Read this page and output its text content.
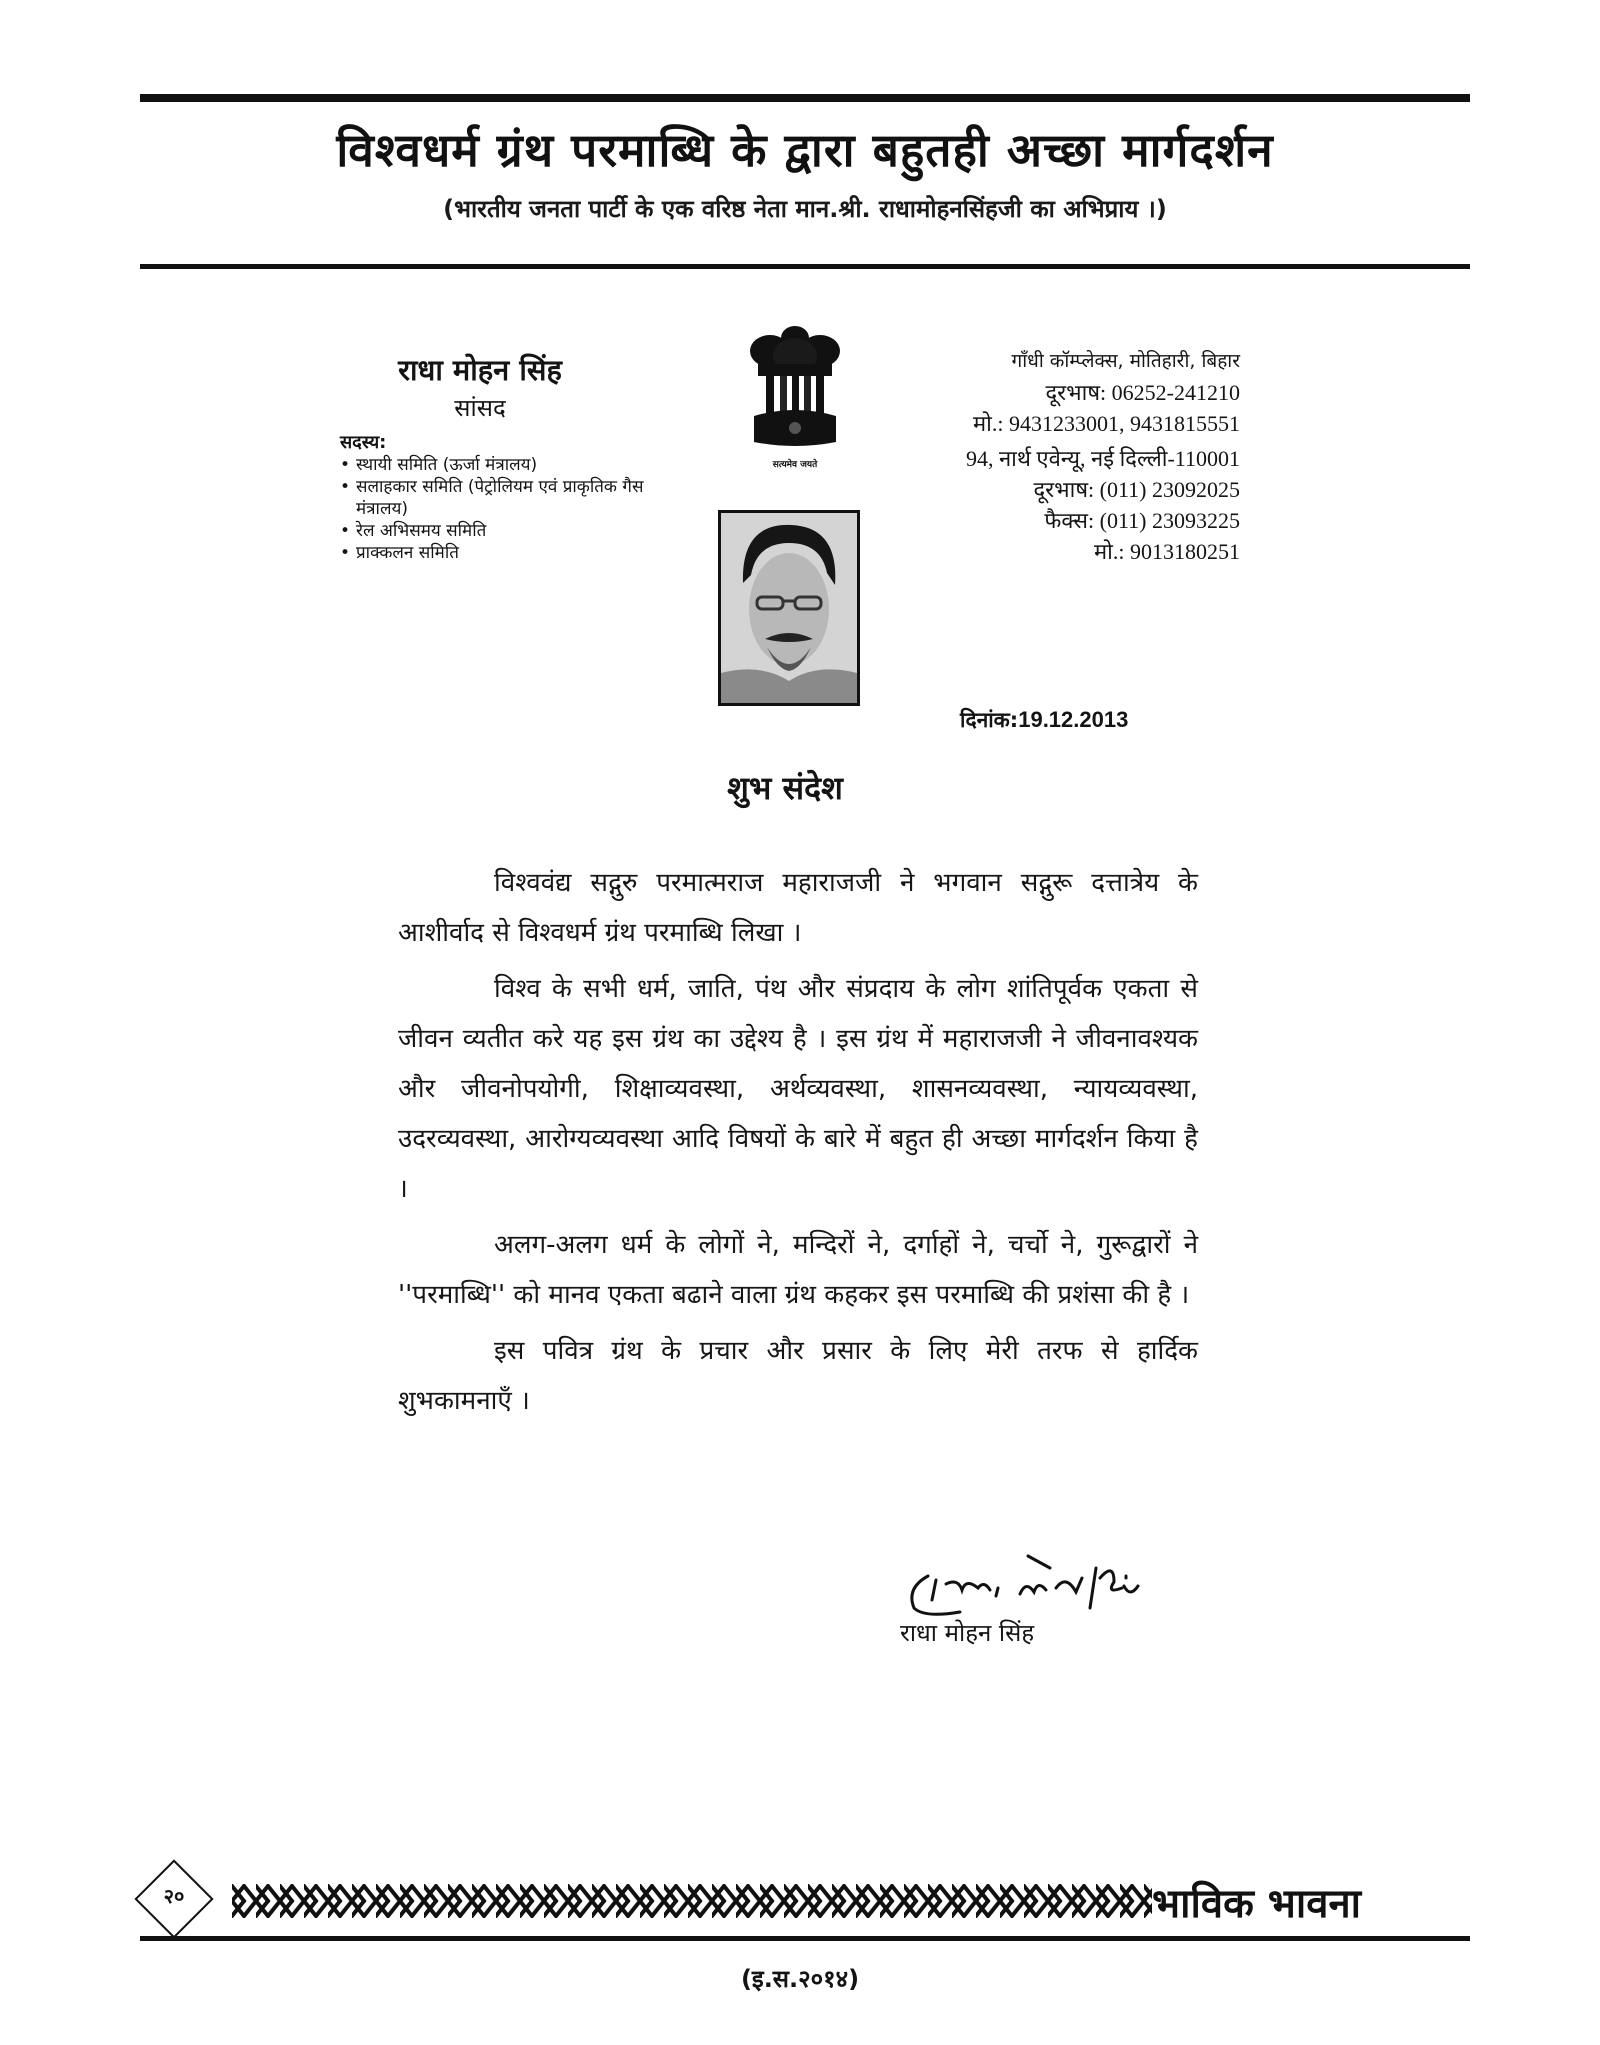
विश्वधर्म ग्रंथ परमाब्धि के द्वारा बहुतही अच्छा मार्गदर्शन
(भारतीय जनता पार्टी के एक वरिष्ठ नेता मान.श्री. राधामोहनसिंहजी का अभिप्राय ।)
राधा मोहन सिंह
सांसद
सदस्य:
• स्थायी समिति (ऊर्जा मंत्रालय)
• सलाहकार समिति (पेट्रोलियम एवं प्राकृतिक गैस मंत्रालय)
• रेल अभिसमय समिति
• प्राक्कलन समिति
सत्यमेव जयते
गाँधी कॉम्प्लेक्स, मोतिहारी, बिहार
दूरभाष: 06252-241210
मो.: 9431233001, 9431815551
94, नार्थ एवेन्यू, नई दिल्ली-110001
दूरभाष: (011) 23092025
फैक्स: (011) 23093225
मो.: 9013180251
दिनांक:19.12.2013
शुभ संदेश

विश्ववंद्य सद्गुरु परमात्मराज महाराजजी ने भगवान सद्गुरू दत्तात्रेय के आशीर्वाद से विश्वधर्म ग्रंथ परमाब्धि लिखा ।

विश्व के सभी धर्म, जाति, पंथ और संप्रदाय के लोग शांतिपूर्वक एकता से जीवन व्यतीत करे यह इस ग्रंथ का उद्देश्य है । इस ग्रंथ में महाराजजी ने जीवनावश्यक और जीवनोपयोगी, शिक्षाव्यवस्था, अर्थव्यवस्था, शासनव्यवस्था, न्यायव्यवस्था, उदरव्यवस्था, आरोग्यव्यवस्था आदि विषयों के बारे में बहुत ही अच्छा मार्गदर्शन किया है ।

अलग-अलग धर्म के लोगों ने, मन्दिरों ने, दर्गाहों ने, चर्चो ने, गुरूद्वारों ने ''परमाब्धि'' को मानव एकता बढाने वाला ग्रंथ कहकर इस परमाब्धि की प्रशंसा की है ।

इस पवित्र ग्रंथ के प्रचार और प्रसार के लिए मेरी तरफ से हार्दिक शुभकामनाएँ ।

राधा मोहन सिंह
२०	भाविक भावना
(इ.स.२०१४)
